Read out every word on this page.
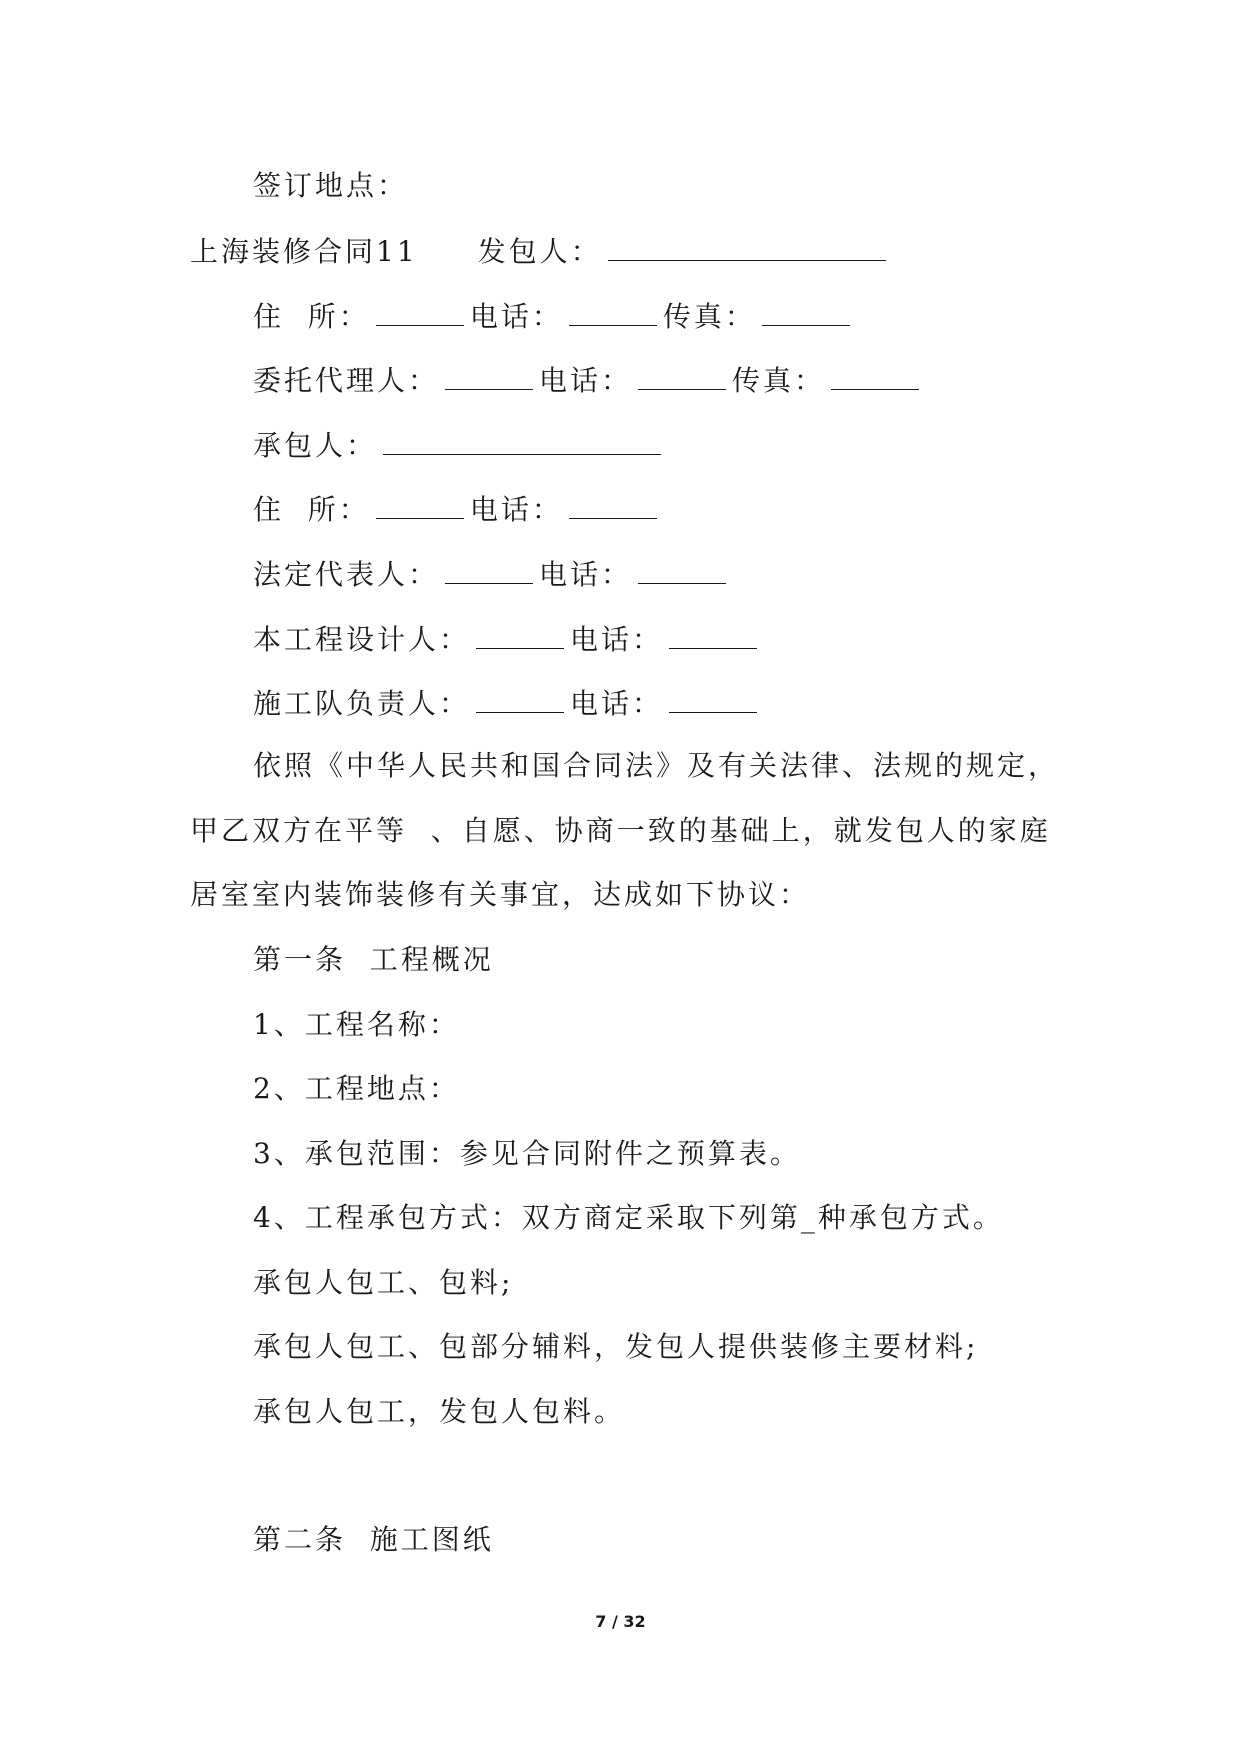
签订地点：
上海装修合同11 发包人：
住  所：	电话：	传真：
委托代理人：	电话：	传真：
承包人：
住  所：	电话：
法定代表人：	电话：
本工程设计人：	电话：
施工队负责人：	电话：
依照《中华人民共和国合同法》及有关法律、法规的规定，
甲乙双方在平等  、自愿、协商一致的基础上，就发包人的家庭
居室室内装饰装修有关事宜，达成如下协议：
第一条  工程概况
1、工程名称：
2、工程地点：
3、承包范围：参见合同附件之预算表。
4、工程承包方式：双方商定采取下列第_种承包方式。
承包人包工、包料;
承包人包工、包部分辅料，发包人提供装修主要材料;
承包人包工，发包人包料。
第二条  施工图纸
7 / 32
